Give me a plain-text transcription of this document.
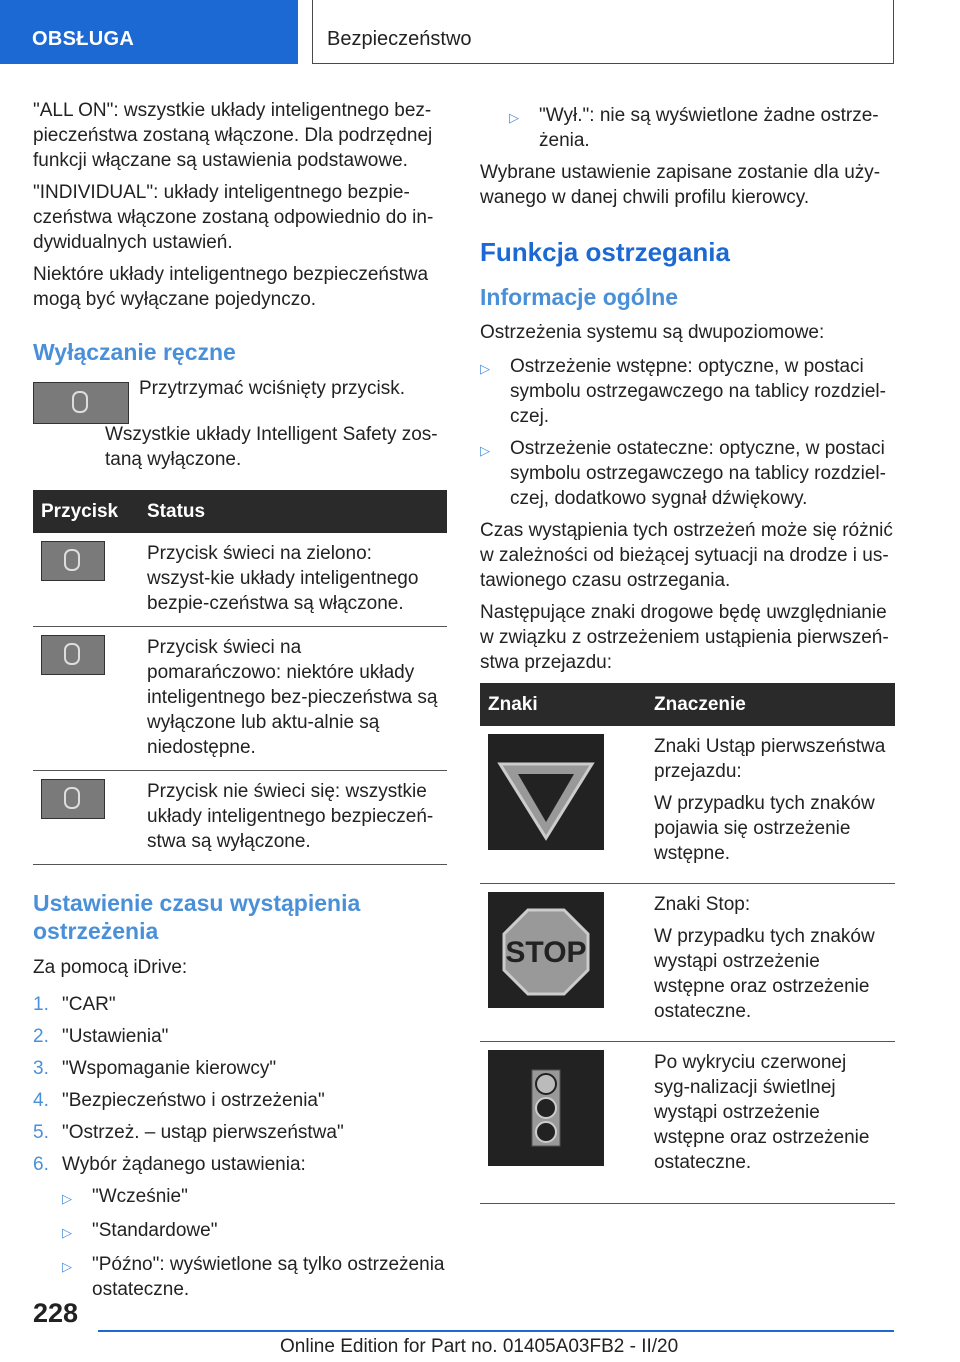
OBSŁUGA	Bezpieczeństwo

"ALL ON": wszystkie układy inteligentnego bez-pieczeństwa zostaną włączone. Dla podrzędnej funkcji włączane są ustawienia podstawowe.

"INDIVIDUAL": układy inteligentnego bezpie-czeństwa włączone zostaną odpowiednio do in-dywidualnych ustawień.

Niektóre układy inteligentnego bezpieczeństwa mogą być wyłączane pojedynczo.

Wyłączanie ręczne

Przytrzymać wciśnięty przycisk.

Wszystkie układy Intelligent Safety zos-taną wyłączone.

Przycisk	Status

	Przycisk świeci na zielono: wszyst-kie układy inteligentnego bezpie-czeństwa są włączone.

	Przycisk świeci na pomarańczowo: niektóre układy inteligentnego bez-pieczeństwa są wyłączone lub aktu-alnie są niedostępne.

	Przycisk nie świeci się: wszystkie układy inteligentnego bezpieczeń-stwa są wyłączone.
Ustawienie czasu wystąpienia ostrzeżenia

Za pomocą iDrive:

1. "CAR"
2. "Ustawienia"
3. "Wspomaganie kierowcy"
4. "Bezpieczeństwo i ostrzeżenia"
5. "Ostrzeż. – ustąp pierwszeństwa"
6. Wybór żądanego ustawienia:
▷	"Wcześnie"
▷	"Standardowe"
▷	"Późno": wyświetlone są tylko ostrzeżenia ostateczne.
▷	"Wył.": nie są wyświetlone żadne ostrze-żenia.

Wybrane ustawienie zapisane zostanie dla uży-wanego w danej chwili profilu kierowcy.

Funkcja ostrzegania
Informacje ogólne

Ostrzeżenia systemu są dwupoziomowe:

▷	Ostrzeżenie wstępne: optyczne, w postaci symbolu ostrzegawczego na tablicy rozdziel-czej.
▷	Ostrzeżenie ostateczne: optyczne, w postaci symbolu ostrzegawczego na tablicy rozdziel-czej, dodatkowo sygnał dźwiękowy.

Czas wystąpienia tych ostrzeżeń może się różnić w zależności od bieżącej sytuacji na drodze i us-tawionego czasu ostrzegania.

Następujące znaki drogowe będę uwzględnianie w związku z ostrzeżeniem ustąpienia pierwszeń-stwa przejazdu:

Znaki	Znaczenie

Znaki Ustąp pierwszeństwa przejazdu:

W przypadku tych znaków pojawia się ostrzeżenie wstępne.

STOP	Znaki Stop:

W przypadku tych znaków wystąpi ostrzeżenie wstępne oraz ostrzeżenie ostateczne.

Po wykryciu czerwonej syg-nalizacji świetlnej wystąpi ostrzeżenie wstępne oraz ostrzeżenie ostateczne.

228
Online Edition for Part no. 01405A03FB2 - II/20
